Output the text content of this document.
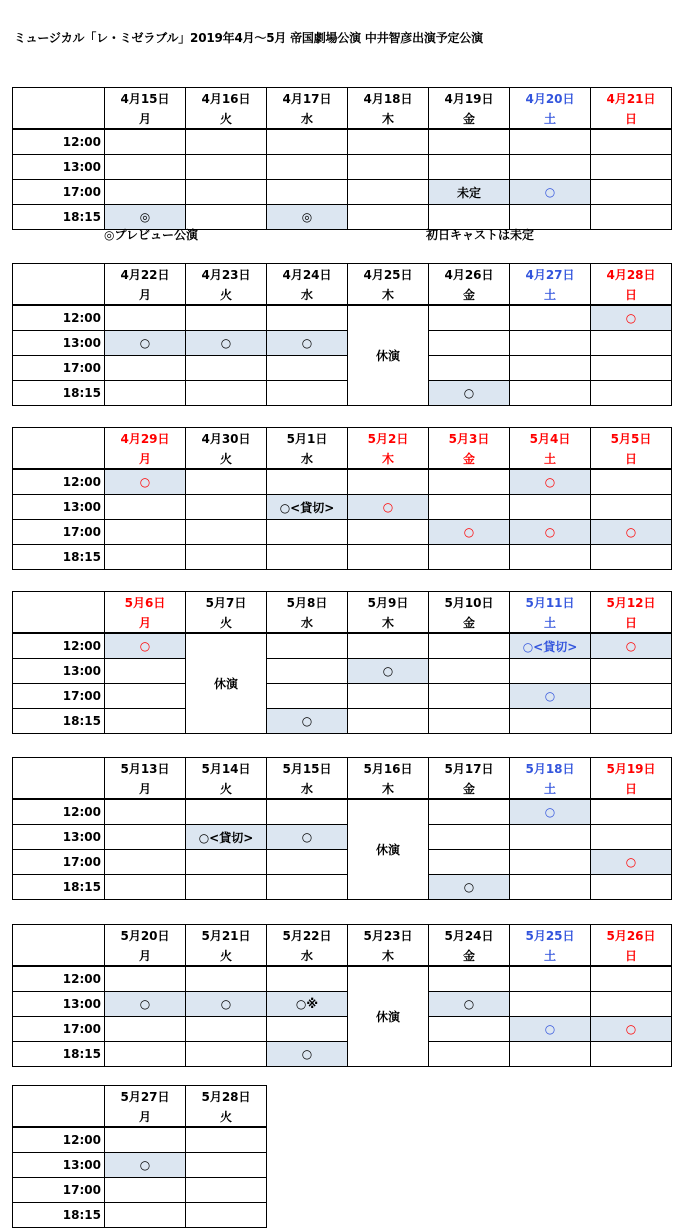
ミュージカル「レ・ミゼラブル」2019年4月〜5月 帝国劇場公演 中井智彦出演予定公演
	4月15日	4月16日	4月17日	4月18日	4月19日	4月20日	4月21日
	月	火	水	木	金	土	日
12:00							
13:00							
17:00					未定	○	
18:15	◎		◎				
	4月22日	4月23日	4月24日	4月25日	4月26日	4月27日	4月28日
	月	火	水	木	金	土	日
12:00				休演			○
13:00	○	○	○				
17:00							
18:15					○		
	4月29日	4月30日	5月1日	5月2日	5月3日	5月4日	5月5日
	月	火	水	木	金	土	日
12:00	○					○	
13:00			○<貸切>	○			
17:00					○	○	○
18:15							
	5月6日	5月7日	5月8日	5月9日	5月10日	5月11日	5月12日
	月	火	水	木	金	土	日
12:00	○	休演				○<貸切>	○
13:00				○			
17:00						○	
18:15			○				
	5月13日	5月14日	5月15日	5月16日	5月17日	5月18日	5月19日
	月	火	水	木	金	土	日
12:00				休演		○	
13:00		○<貸切>	○				
17:00							○
18:15					○		
	5月20日	5月21日	5月22日	5月23日	5月24日	5月25日	5月26日
	月	火	水	木	金	土	日
12:00				休演			
13:00	○	○	○※		○		
17:00						○	○
18:15			○				
	5月27日	5月28日
	月	火
12:00		
13:00	○	
17:00		
18:15		
◎プレビュー公演	初日キャストは未定
